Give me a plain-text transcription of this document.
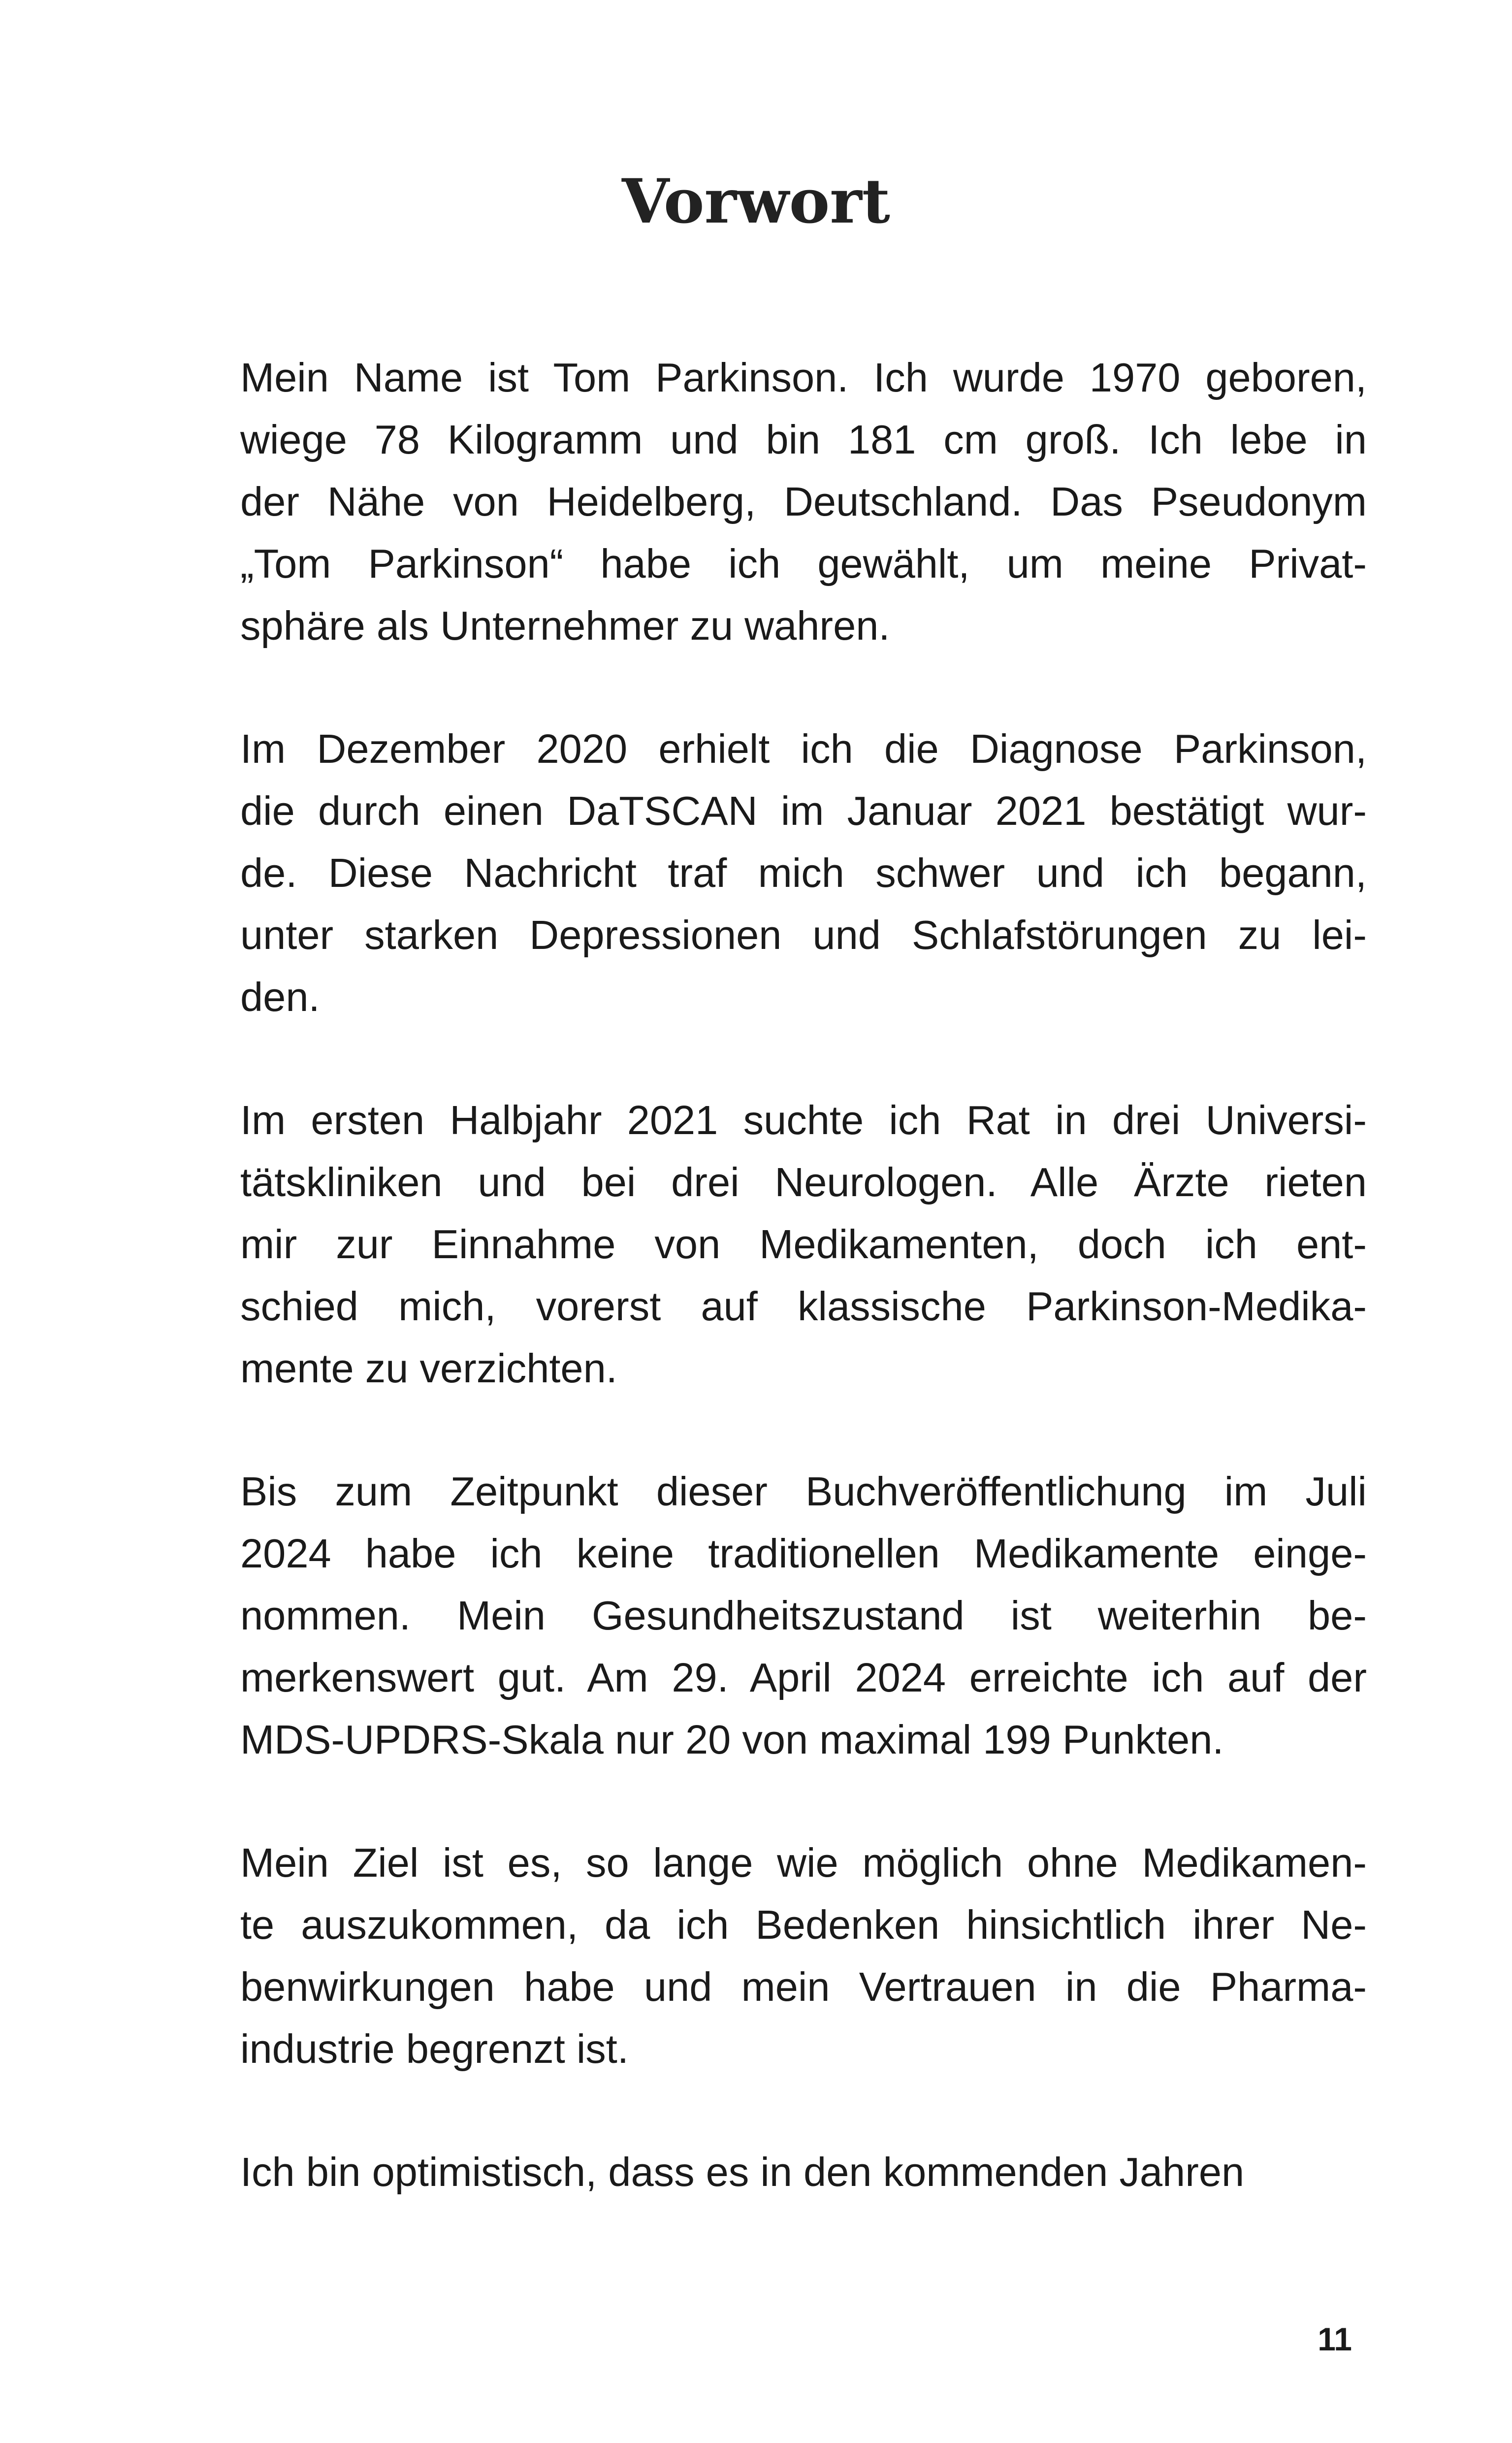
Vorwort
Mein Name ist Tom Parkinson. Ich wurde 1970 geboren,
wiege 78 Kilogramm und bin 181 cm groß. Ich lebe in
der Nähe von Heidelberg, Deutschland. Das Pseudonym
„Tom Parkinson“ habe ich gewählt, um meine Privat-
sphäre als Unternehmer zu wahren.
Im Dezember 2020 erhielt ich die Diagnose Parkinson,
die durch einen DaTSCAN im Januar 2021 bestätigt wur-
de. Diese Nachricht traf mich schwer und ich begann,
unter starken Depressionen und Schlafstörungen zu lei-
den.
Im ersten Halbjahr 2021 suchte ich Rat in drei Universi-
tätskliniken und bei drei Neurologen. Alle Ärzte rieten
mir zur Einnahme von Medikamenten, doch ich ent-
schied mich, vorerst auf klassische Parkinson-Medika-
mente zu verzichten.
Bis zum Zeitpunkt dieser Buchveröffentlichung im Juli
2024 habe ich keine traditionellen Medikamente einge-
nommen. Mein Gesundheitszustand ist weiterhin be-
merkenswert gut. Am 29. April 2024 erreichte ich auf der
MDS-UPDRS-Skala nur 20 von maximal 199 Punkten.
Mein Ziel ist es, so lange wie möglich ohne Medikamen-
te auszukommen, da ich Bedenken hinsichtlich ihrer Ne-
benwirkungen habe und mein Vertrauen in die Pharma-
industrie begrenzt ist.
Ich bin optimistisch, dass es in den kommenden Jahren
11
